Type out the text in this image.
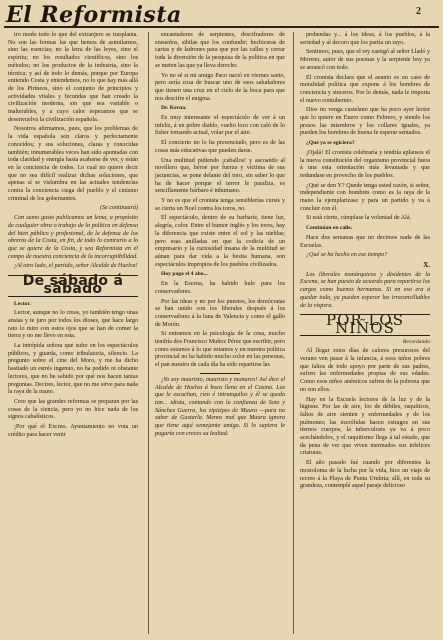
El Reformista	2

tro modo todo lo que del extranjero se trasplanta. No son las formas las que hemos de asimilarnos, sino las esencias; no la letra de las leyes, sino el espíritu; no los resultados científicos, sino los métodos; no los productos de la industria, sino la técnica; y así de todo lo demás, porque por Europa entiendo Costa y entendemos, no lo que hay más allá de los Pirineos, sino el conjunto de principios y actividades vitales y fecundas que han creado la civilización moderna, sin que sea variable o inalterables, y a cuyo calor esperamos que se desenvuelva la civilización española.

Nosotros afirmamos, pues, que los problemas de la vida española son claros y perfectamente conocidos; y sus soluciones, claras y conocidas también; innumerables veces han sido apuntadas con toda claridad y energía hasta acabarse de ver, y están en la conciencia de todos. Lo cual no quiere decir que no sea difícil realizar dichas soluciones, que apenas sí se vislumbra en las actuales tendencias contra la conciencia ciega del pueblo y el cinismo criminal de los gobernantes.

(Se continuará)

Con sumo gusto publicamos un lema, a propósito de cualquier obra o trabajo de la política en defensa del bien público y profesional, de la defensa de los obreros de la Costa, en fin, de todo lo contrario a lo que se quiere de la Costa, y sea Reformista en el campo de nuestra conciencia de la incorruptibilidad.

¡Al otro lado, el partido, señor Alcalde de Huelva!

De sábado á sábado

Lector.

Lector, aunque no lo creas, yo también tengo unas ansias y te juro por todos los dioses, que hace largo rato lo miro con estos ojos que se han de comer la tierra y no me llevo en esta.

La intrépida señora que sufre en los espectáculos públicos, y guarda, como tribulatoria, silencio. La pregunto sobre el cine del Moro, y me ha dicho hastiado un estrés ingenuo, no ha podido ni obstante lectores, que no he sabido por qué nos hacen tantas preguntas. Decires, lector, que no me sirve para nada la raya de la mano.

Creo que las grandes reformas se preparan por las cosas de la ciencia, pero yo no hice nada de los signos cabalísticos.

¡Por qué el Excmo. Ayuntamiento no vota un crédito para hacer venir

encantadores de serpientes, descifradores de ensueños, sibilas que los confundir; hechiceras de cartas y de ladrones para que por las calles y cerrar toda la diversión de la pesquisa de la política en que se meten las que ya lleva derecho.

Yo no sé si mi amigo Paco nació en viernes santo, pero sería cosa de buscar uno de esos saludadores que tienen una cruz en el cielo de la boca para que nos descifre el enigma.

Dr. Kerna.

Es muy interesante el espectáculo de ver á un infeliz, á un pobre diablo, vuelto loco con caló de lo fisher tomando actual, volar por el aire.

El concierto no lo ha presenciado, pero es de las cosas más educativas que pueden darse.

Una multitud pidiendo ¡caballos! y ascoando al novillero que, héroe por fuerza y víctima de sus jactancias, se pone delante del toro, sin saber lo que ha de hacer porque el terror le paraliza, es sencillamente bárbaro é inhumano.

Y no es que el cronista tenga sensiblerías cursis y se cierta un Noel contra los toros, no.

El espectáculo, dentro de su barbarie, tiene luz, alegría, color. Entre el humor inglés y los toros, hay la diferencia que existe entre el sol y las nieblas; pero esas anilladas en que la codicia de un empresario y la curiosidad insana de la multitud se aúnan para dar vida a la bestia humana, son espectáculos impropios de los pueblos civilizados.

Hoy paga el 4 abo...

En la Escena, ha habido hule para los conservadores.

Por las ideas y no por los puestos, los demócratas se han unido con los liberales después á los conservadores á la luna de Valencia y como el gallo de Morón.

Si entramos en la psicología de la cosa, mucho tendría dos Francisco Muñoz Pérez que escribir, pero como estamos á lo que estamos y en nuestra política provincial no ha habido mucho color en las personas, el pan nuestro de cada día ha sido repartirse las

¡Yo soy mauristo, mauristo y monarco! Así dice el Alcalde de Huelva á boca llena en el Casino. Los que le escuchan, ríen é intranquilos y él se queda tan... idiota, contando con la confianza de Soto y Sánchez Guerra, los zipizipes de Maura —para no saber de Gastarla. Menos mal que Maura ignora que tiene aquí semejante amigo. Si lo supiera le pagaría con creces su lealtad.

prebendas y... á los ideas, á los pueblos, á la seriedad y al decoro que los partía un rayo.

Sentimos, pues, que el rey castigó al señor Lladó y Moreno, autor de sus poemas y la serpiente hoy ya se arrancó con todo.

El cronista declara que el asunto es un caso de moralidad política que expone á los hombres de conciencia y sinceros. Por lo demás, nada le importa el nuevo contubernio.

Dios no venga castelano que ha poco ayer lector que lo quiere en Enero como Febrero, y siendo los presos las miembros y los collares iguales, ya pueden los hombres de buena fe esperar sentados.

¿Qué ya se egiciera?

¡Ojalá! El cronista celebraría y tendría aplausos el la nueva constitución del organismo provincial fuera á una esta orientación más levantada y que redundase en provecho de los pueblos.

¿Qué se den Y? Quede tenga usted razón, si señor, independiente con hombres como es la raya de la mano la ejemplarizase y para un partido y va á concluir con él.

Si está cierto, cúmplase la voluntad de Alá.

Continúan en calle.

Hace dos semanas que no decimos nada de las Escuelas.

¿Qué se ha hecho en ese tiempo?

X.

Los liberales monárquicos y disidentes de la Escena, se han puesto de acuerdo para repartirse los cargos como buenos hermanos. Si en eso era á quedar todo, ya pueden esperar los irreconciliables de la víspera.

POR LOS NIÑOS

Recordando

Al llegar estos días de calores presurosos del verano ven pasar á la infancia, á esos niños pobres que faltos de todo apoyo por parte de sus padres, sufren las enfermedades propias de sus edades. Como esos niños anémicos sufren de la pobreza que no son ellos.

Hay en la Escuela lectores de la luz y de la higiene. Por las de aire, los de débiles, raquíticos, faltos de aire sienten y enfermedades y de los pulmones; las escrófulas hacen estragos en sus tiernos cuerpos, la tuberculosis ya va á poco acechándolos, y el raquitismo llega á tal estado, que da pena de ver que viven mermados sus infelices criaturas.

El año pasado fué cuando por diferentes la mostoloma de la lucha por la vida, hice un viaje de recreo á la Playa de Punta Umbría; allí, en toda su grandeza, contemplé aquel paraje delicioso
